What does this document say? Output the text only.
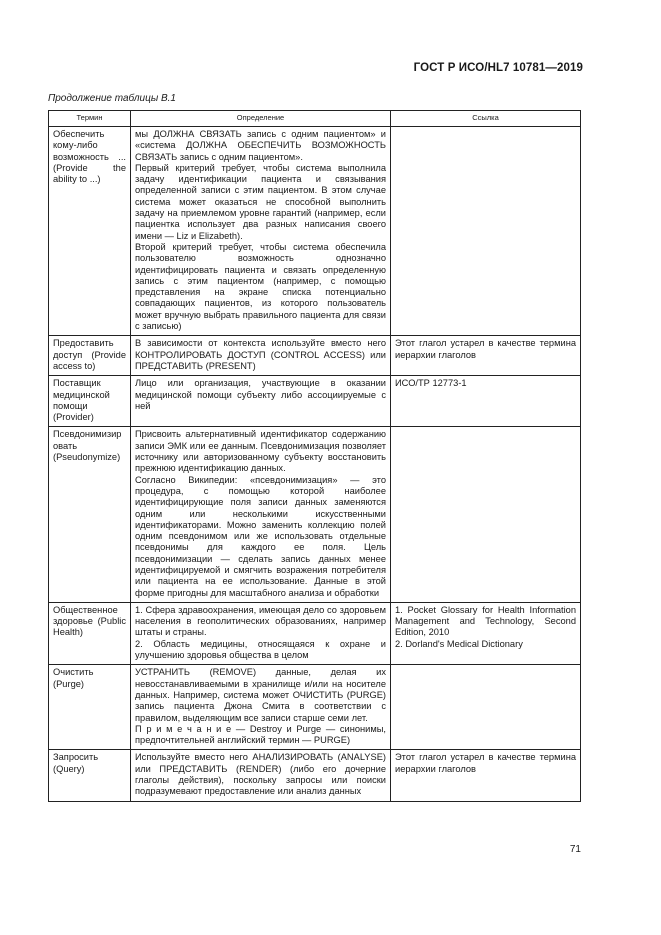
ГОСТ Р ИСО/HL7 10781—2019
Продолжение таблицы В.1
Термин	Определение	Ссылка

Обеспечить кому-либо возможность ... (Provide the ability to ...)	мы ДОЛЖНА СВЯЗАТЬ запись с одним пациентом» и «система ДОЛЖНА ОБЕСПЕЧИТЬ ВОЗМОЖНОСТЬ СВЯЗАТЬ запись с одним пациентом».
Первый критерий требует, чтобы система выполнила задачу идентификации пациента и связывания определенной записи с этим пациентом. В этом случае система может оказаться не способной выполнить задачу на приемлемом уровне гарантий (например, если пациентка использует два разных написания своего имени — Liz и Elizabeth).
Второй критерий требует, чтобы система обеспечила пользователю возможность однозначно идентифицировать пациента и связать определенную запись с этим пациентом (например, с помощью представления на экране списка потенциально совпадающих пациентов, из которого пользователь может вручную выбрать правильного пациента для связи с записью)	

Предоставить доступ (Provide access to)	В зависимости от контекста используйте вместо него КОНТРОЛИРОВАТЬ ДОСТУП (CONTROL ACCESS) или ПРЕДСТАВИТЬ (PRESENT)	Этот глагол устарел в качестве термина иерархии глаголов

Поставщик медицинской помощи (Provider)	Лицо или организация, участвующие в оказании медицинской помощи субъекту либо ассоциируемые с ней	ИСО/ТР 12773-1

Псевдонимизировать (Pseudonymize)	Присвоить альтернативный идентификатор содержанию записи ЭМК или ее данным. Псевдонимизация позволяет источнику или авторизованному субъекту восстановить прежнюю идентификацию данных.
Согласно Википедии: «псевдонимизация» — это процедура, с помощью которой наиболее идентифицирующие поля записи данных заменяются одним или несколькими искусственными идентификаторами. Можно заменить коллекцию полей одним псевдонимом или же использовать отдельные псевдонимы для каждого ее поля. Цель псевдонимизации — сделать запись данных менее идентифицируемой и смягчить возражения потребителя или пациента на ее использование. Данные в этой форме пригодны для масштабного анализа и обработки	

Общественное здоровье (Public Health)	1. Сфера здравоохранения, имеющая дело со здоровьем населения в геополитических образованиях, например штаты и страны.
2. Область медицины, относящаяся к охране и улучшению здоровья общества в целом	1. Pocket Glossary for Health Information Management and Technology, Second Edition, 2010
2. Dorland's Medical Dictionary

Очистить (Purge)	УСТРАНИТЬ (REMOVE) данные, делая их невосстанавливаемыми в хранилище и/или на носителе данных. Например, система может ОЧИСТИТЬ (PURGE) запись пациента Джона Смита в соответствии с правилом, выделяющим все записи старше семи лет.
П р и м е ч а н и е — Destroy и Purge — синонимы, предпочтительней английский термин — PURGE)	

Запросить (Query)	Используйте вместо него АНАЛИЗИРОВАТЬ (ANALYSE) или ПРЕДСТАВИТЬ (RENDER) (либо его дочерние глаголы действия), поскольку запросы или поиски подразумевают предоставление или анализ данных	Этот глагол устарел в качестве термина иерархии глаголов
71
